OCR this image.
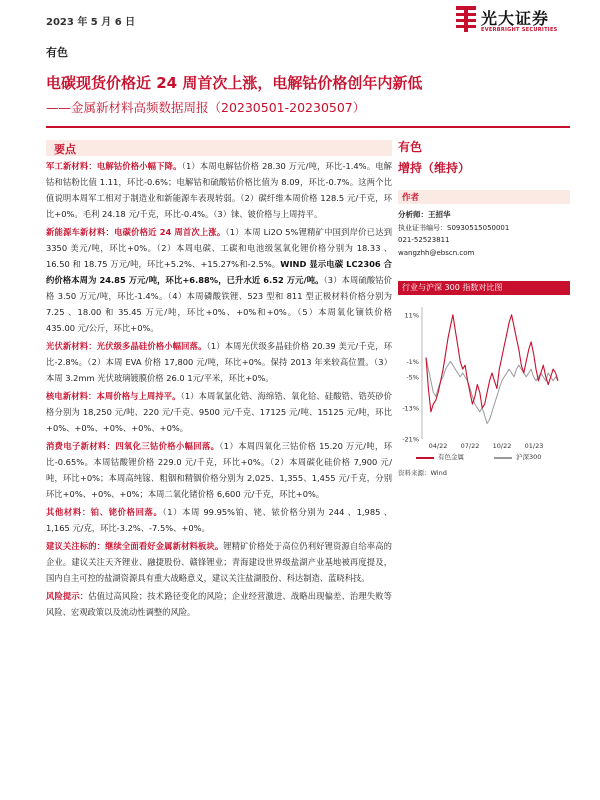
2023 年 5 月 6 日	光大证券
EVERBRIGHT SECURITIES
有色
电碳现货价格近 24 周首次上涨，电解钴价格创年内新低
——金属新材料高频数据周报（20230501-20230507）
要点
军工新材料：电解钴价格小幅下降。（1）本周电解钴价格 28.30 万元/吨，环比-1.4%。电解钴和钴粉比值 1.11，环比-0.6%；电解钴和硫酸钴价格比值为 8.09，环比-0.7%。这两个比值说明本周军工相对于制造业和新能源车表现转弱。（2）碳纤维本周价格 128.5 元/千克，环比+0%。毛利 24.18 元/千克，环比-0.4%。（3）铼、铍价格与上周持平。
新能源车新材料：电碳价格近 24 周首次上涨。（1）本周 Li2O 5%锂精矿中国到岸价已达到 3350 美元/吨，环比+0%。（2）本周电碳、工碳和电池级氢氧化锂价格分别为 18.33 、16.50 和 18.75 万元/吨，环比+5.2%、+15.27%和-2.5%。WIND 显示电碳 LC2306 合约价格本周为 24.85 万元/吨，环比+6.88%，已升水近 6.52 万元/吨。（3）本周硫酸钴价格 3.50 万元/吨，环比-1.4%。（4）本周磷酸铁锂、523 型和 811 型正极材料价格分别为 7.25 、18.00 和 35.45 万元/吨，环比+0%、+0%和+0%。（5）本周氧化镝铁价格 435.00 元/公斤，环比+0%。
光伏新材料：光伏级多晶硅价格小幅回落。（1）本周光伏级多晶硅价格 20.39 美元/千克，环比-2.8%。（2）本周 EVA 价格 17,800 元/吨，环比+0%。保持 2013 年来较高位置。（3）本周 3.2mm 光伏玻璃镀膜价格 26.0 1元/平米，环比+0%。
核电新材料：本周价格与上周持平。（1）本周氧氯化锆、海绵锆、氧化铪、硅酸锆、锆英砂价格分别为 18,250 元/吨、220 元/千克、9500 元/千克、17125 元/吨、15125 元/吨，环比+0%、+0%、+0%、+0%、+0%。
消费电子新材料：四氧化三钴价格小幅回落。（1）本周四氧化三钴价格 15.20 万元/吨，环比-0.65%。本周钴酸锂价格 229.0 元/千克，环比+0%。（2）本周碳化硅价格 7,900 元/吨，环比+0%；本周高纯镓、粗铟和精铟价格分别为 2,025、1,355、1,455 元/千克，分别环比+0%、+0%、+0%；本周二氧化锗价格 6,600 元/千克，环比+0%。
其他材料：铂、铑价格回落。（1）本周 99.95%铂、铑、铱价格分别为 244 、1,985 、1,165 元/克，环比-3.2%、-7.5%、+0%。
建议关注标的：继续全面看好金属新材料板块。锂精矿价格处于高位仍利好锂资源自给率高的企业。建议关注天齐锂业、融捷股份、赣锋锂业；青海建设世界级盐湖产业基地被再度提及，国内自主可控的盐湖资源具有重大战略意义，建议关注盐湖股份、科达制造、蓝晓科技。
风险提示：估值过高风险；技术路径变化的风险；企业经营激进、战略出现偏差、治理失败等风险、宏观政策以及流动性调整的风险。
有色
增持（维持）
作者
分析师：王招华
执业证书编号：S0930515050001
021-52523811
wangzhh@ebscn.com
行业与沪深 300 指数对比图
11%
-1%
-5%
-13%
-21%
04/22 07/22 10/22 01/23
有色金属	沪深300
资料来源：Wind
